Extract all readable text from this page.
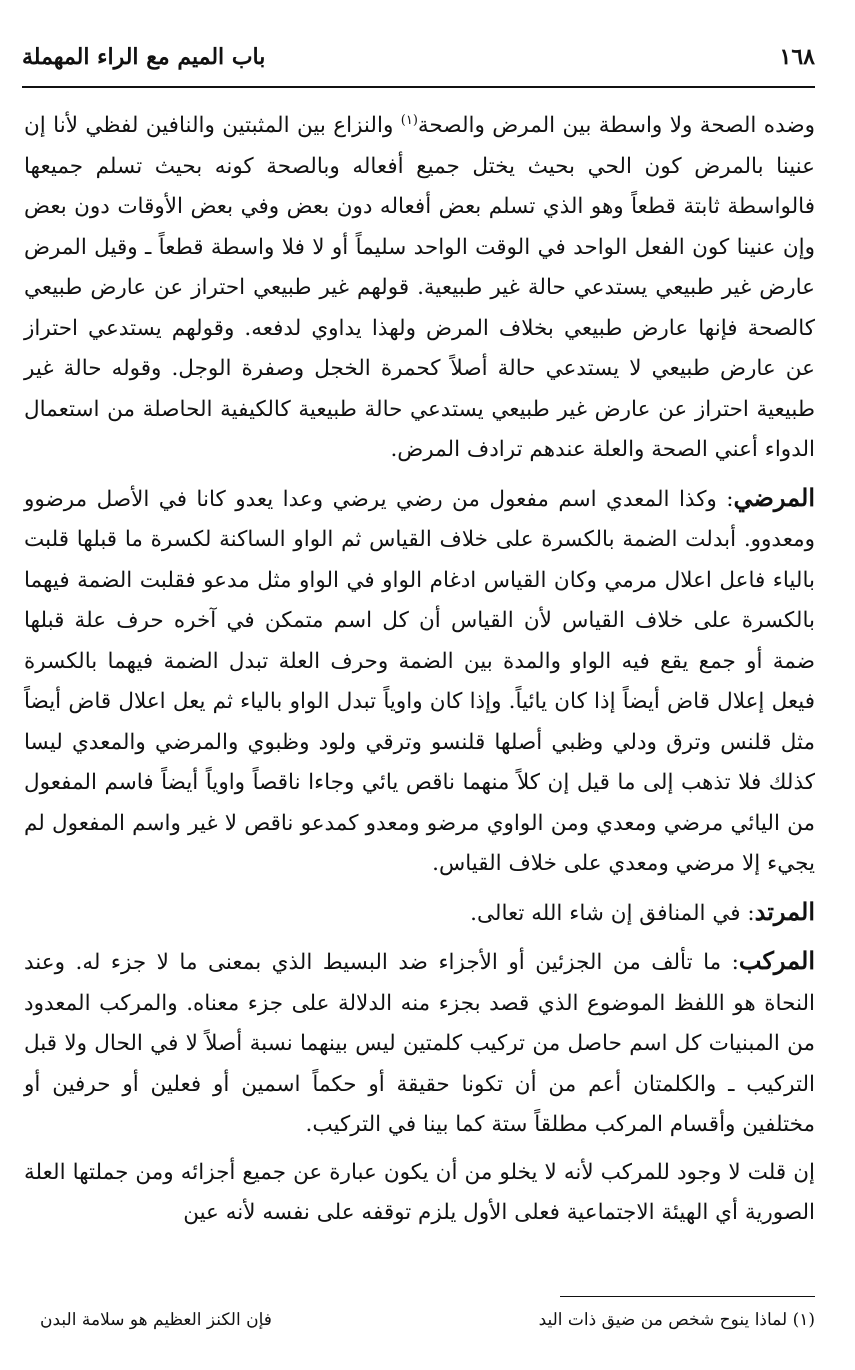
١٦٨
باب الميم مع الراء المهملة

وضده الصحة ولا واسطة بين المرض والصحة$^{(١)}$ والنزاع بين المثبتين والنافين لفظي لأنا إن عنينا بالمرض كون الحي بحيث يختل جميع أفعاله وبالصحة كونه بحيث تسلم جميعها فالواسطة ثابتة قطعاً وهو الذي تسلم بعض أفعاله دون بعض وفي بعض الأوقات دون بعض وإن عنينا كون الفعل الواحد في الوقت الواحد سليماً أو لا فلا واسطة قطعاً ـ وقيل المرض عارض غير طبيعي يستدعي حالة غير طبيعية. قولهم غير طبيعي احتراز عن عارض طبيعي كالصحة فإنها عارض طبيعي بخلاف المرض ولهذا يداوي لدفعه. وقولهم يستدعي احتراز عن عارض طبيعي لا يستدعي حالة أصلاً كحمرة الخجل وصفرة الوجل. وقوله حالة غير طبيعية احتراز عن عارض غير طبيعي يستدعي حالة طبيعية كالكيفية الحاصلة من استعمال الدواء أعني الصحة والعلة عندهم ترادف المرض.

المرضي: وكذا المعدي اسم مفعول من رضي يرضي وعدا يعدو كانا في الأصل مرضوو ومعدوو. أبدلت الضمة بالكسرة على خلاف القياس ثم الواو الساكنة لكسرة ما قبلها قلبت بالياء فاعل اعلال مرمي وكان القياس ادغام الواو في الواو مثل مدعو فقلبت الضمة فيهما بالكسرة على خلاف القياس لأن القياس أن كل اسم متمكن في آخره حرف علة قبلها ضمة أو جمع يقع فيه الواو والمدة بين الضمة وحرف العلة تبدل الضمة فيهما بالكسرة فيعل إعلال قاض أيضاً إذا كان يائياً. وإذا كان واوياً تبدل الواو بالياء ثم يعل اعلال قاض أيضاً مثل قلنس وترق ودلي وظبي أصلها قلنسو وترقي ولود وظبوي والمرضي والمعدي ليسا كذلك فلا تذهب إلى ما قيل إن كلاً منهما ناقص يائي وجاءا ناقصاً واوياً أيضاً فاسم المفعول من اليائي مرضي ومعدي ومن الواوي مرضو ومعدو كمدعو ناقص لا غير واسم المفعول لم يجيء إلا مرضي ومعدي على خلاف القياس.

المرتد: في المنافق إن شاء الله تعالى.

المركب: ما تألف من الجزئين أو الأجزاء ضد البسيط الذي بمعنى ما لا جزء له. وعند النحاة هو اللفظ الموضوع الذي قصد بجزء منه الدلالة على جزء معناه. والمركب المعدود من المبنيات كل اسم حاصل من تركيب كلمتين ليس بينهما نسبة أصلاً لا في الحال ولا قبل التركيب ـ والكلمتان أعم من أن تكونا حقيقة أو حكماً اسمين أو فعلين أو حرفين أو مختلفين وأقسام المركب مطلقاً ستة كما بينا في التركيب.

إن قلت لا وجود للمركب لأنه لا يخلو من أن يكون عبارة عن جميع أجزائه ومن جملتها العلة الصورية أي الهيئة الاجتماعية فعلى الأول يلزم توقفه على نفسه لأنه عين

(١) لماذا ينوح شخص من ضيق ذات اليد
فإن الكنز العظيم هو سلامة البدن
